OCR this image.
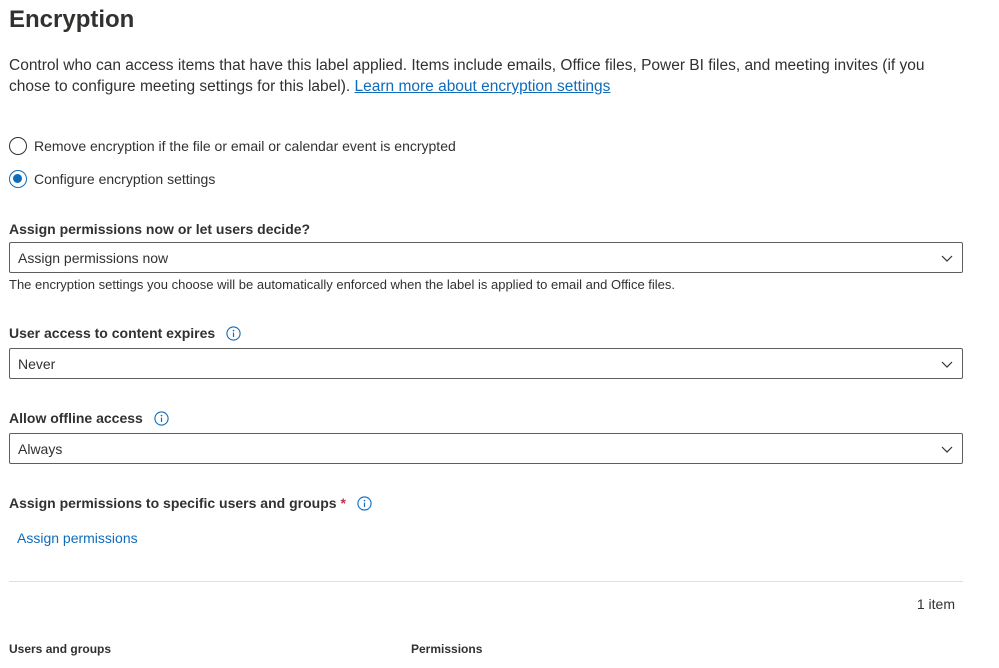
Encryption
Control who can access items that have this label applied. Items include emails, Office files, Power BI files, and meeting invites (if you chose to configure meeting settings for this label). Learn more about encryption settings
Remove encryption if the file or email or calendar event is encrypted
Configure encryption settings
Assign permissions now or let users decide?
Assign permissions now
The encryption settings you choose will be automatically enforced when the label is applied to email and Office files.
User access to content expires
Never
Allow offline access
Always
Assign permissions to specific users and groups *
Assign permissions
1 item
Users and groups	Permissions
